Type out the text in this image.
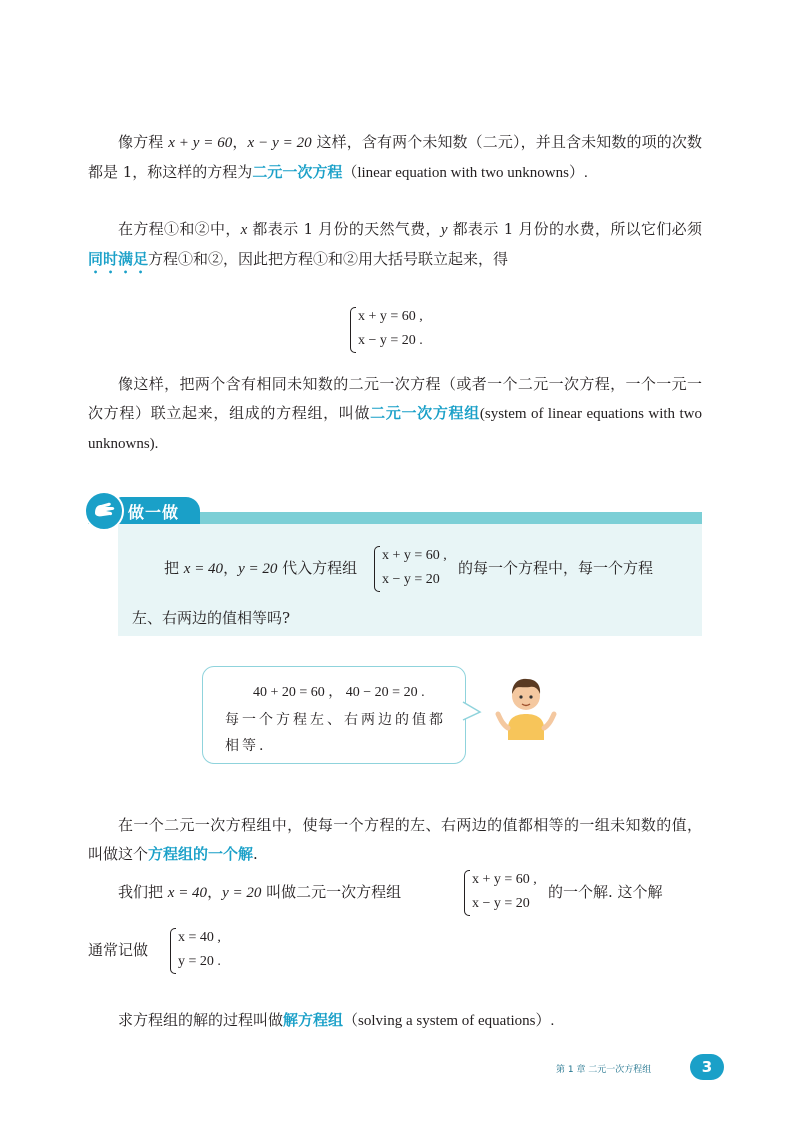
像方程 x + y = 60，x − y = 20 这样，含有两个未知数（二元），并且含未知数的项的次数都是 1，称这样的方程为二元一次方程（linear equation with two unknowns）.
在方程①和②中，x 都表示 1 月份的天然气费，y 都表示 1 月份的水费，所以它们必须同时满足方程①和②，因此把方程①和②用大括号联立起来，得
x + y = 60 ,
x − y = 20 .
像这样，把两个含有相同未知数的二元一次方程（或者一个二元一次方程，一个一元一次方程）联立起来，组成的方程组，叫做二元一次方程组(system of linear equations with two unknowns).
做一做
把 x = 40，y = 20 代入方程组
x + y = 60 ,
x − y = 20
的每一个方程中，每一个方程
左、右两边的值相等吗?
40 + 20 = 60 ， 40 − 20 = 20 .
每一个方程左、右两边的值都
相等.
在一个二元一次方程组中，使每一个方程的左、右两边的值都相等的一组未知数的值，叫做这个方程组的一个解.
我们把 x = 40，y = 20 叫做二元一次方程组
x + y = 60 ,
x − y = 20
的一个解. 这个解
通常记做
x = 40 ,
y = 20 .
求方程组的解的过程叫做解方程组（solving a system of equations）.
第 1 章 二元一次方程组	3
